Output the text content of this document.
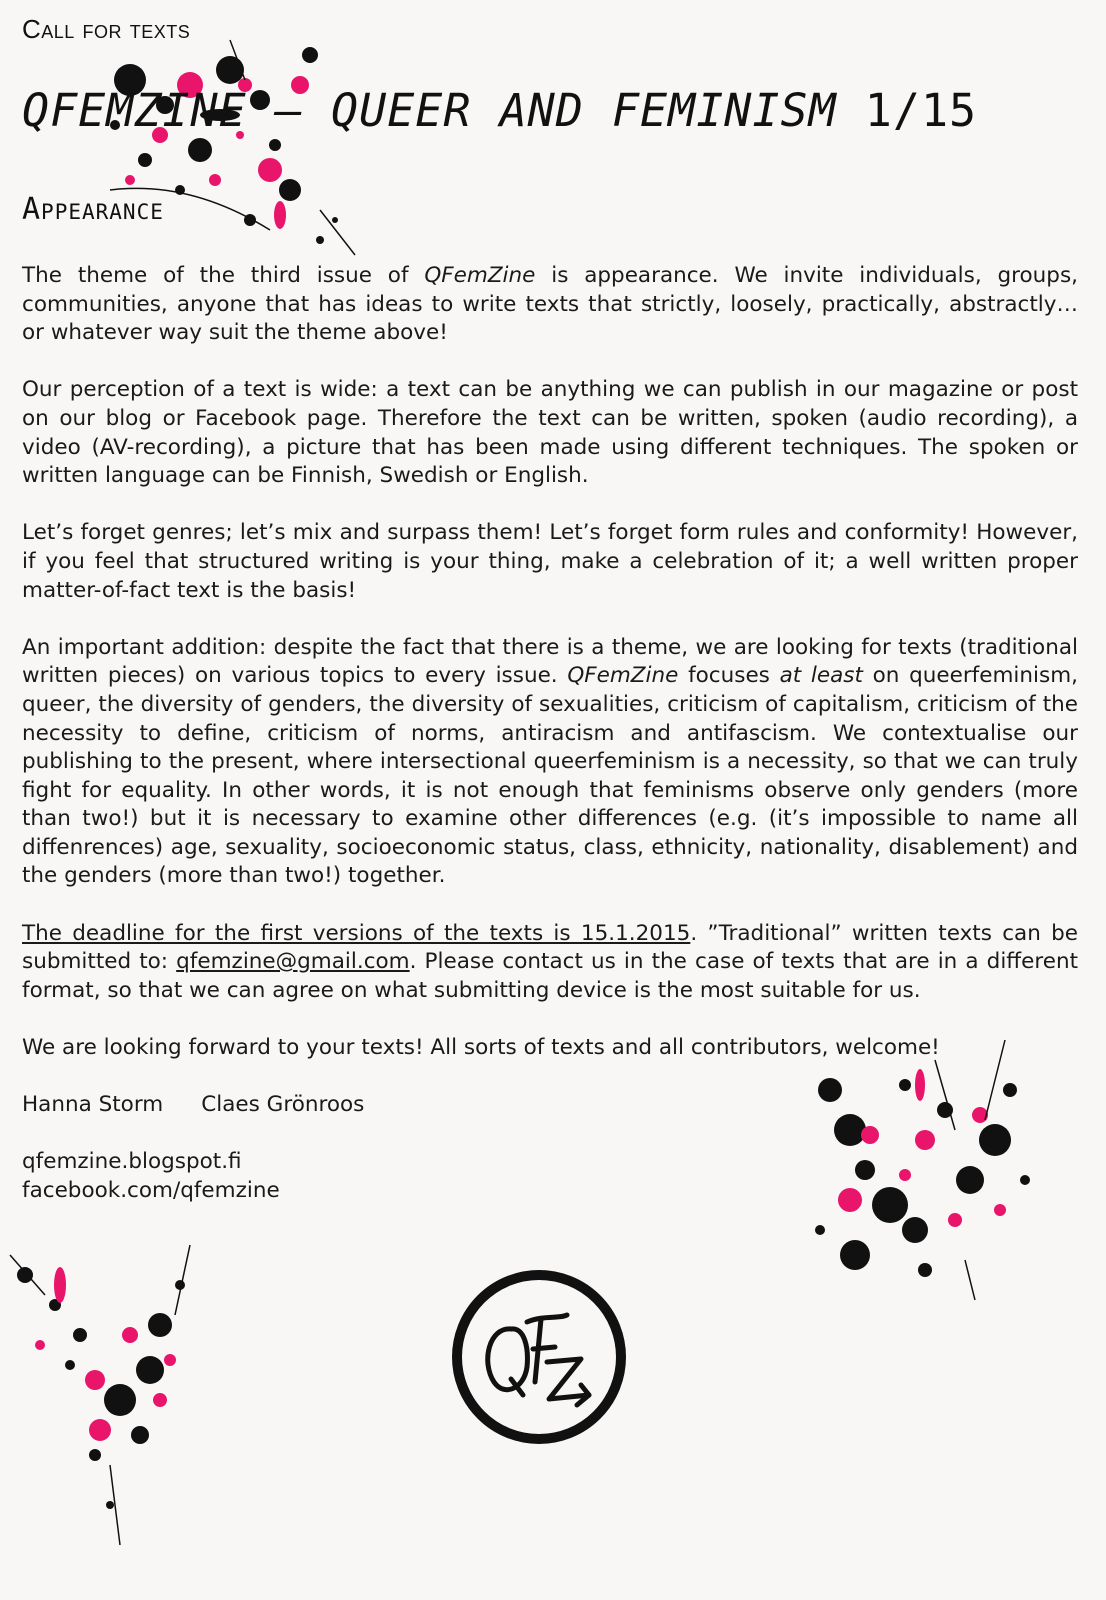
Call for texts
QFEMZINE – QUEER AND FEMINISM 1/15
Appearance

The theme of the third issue of QFemZine is appearance. We invite individuals, groups, communities, anyone that has ideas to write texts that strictly, loosely, practically, abstractly… or whatever way suit the theme above!

Our perception of a text is wide: a text can be anything we can publish in our magazine or post on our blog or Facebook page. Therefore the text can be written, spoken (audio recording), a video (AV-recording), a picture that has been made using different techniques. The spoken or written language can be Finnish, Swedish or English.

Let’s forget genres; let’s mix and surpass them! Let’s forget form rules and conformity! However, if you feel that structured writing is your thing, make a celebration of it; a well written proper matter-of-fact text is the basis!

An important addition: despite the fact that there is a theme, we are looking for texts (traditional written pieces) on various topics to every issue. QFemZine focuses at least on queerfeminism, queer, the diversity of genders, the diversity of sexualities, criticism of capitalism, criticism of the necessity to define, criticism of norms, antiracism and antifascism. We contextualise our publishing to the present, where intersectional queerfeminism is a necessity, so that we can truly fight for equality. In other words, it is not enough that feminisms observe only genders (more than two!) but it is necessary to examine other differences (e.g. (it’s impossible to name all diffenrences) age, sexuality, socioeconomic status, class, ethnicity, nationality, disablement) and the genders (more than two!) together.

The deadline for the first versions of the texts is 15.1.2015. ”Traditional” written texts can be submitted to: qfemzine@gmail.com. Please contact us in the case of texts that are in a different format, so that we can agree on what submitting device is the most suitable for us.

We are looking forward to your texts! All sorts of texts and all contributors, welcome!

Hanna Storm Claes Grönroos
qfemzine.blogspot.fi
facebook.com/qfemzine
